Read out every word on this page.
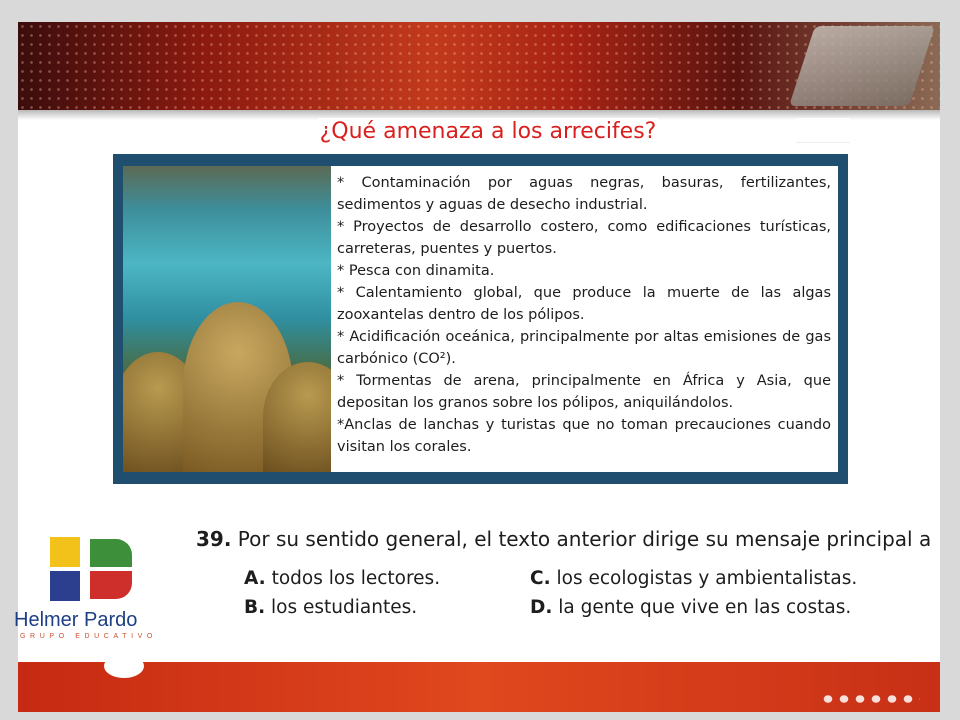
¿Qué amenaza a los arrecifes?

* Contaminación por aguas negras, basuras, fertilizantes, sedimentos y aguas de desecho industrial.

* Proyectos de desarrollo costero, como edificaciones turísticas, carreteras, puentes y puertos.

* Pesca con dinamita.

* Calentamiento global, que produce la muerte de las algas zooxantelas dentro de los pólipos.

* Acidificación oceánica, principalmente por altas emisiones de gas carbónico (CO²).

* Tormentas de arena, principalmente en África y Asia, que depositan los granos sobre los pólipos, aniquilándolos.

*Anclas de lanchas y turistas que no toman precauciones cuando visitan los corales.

39. Por su sentido general, el texto anterior dirige su mensaje principal a
A. todos los lectores.
B. los estudiantes.
C. los ecologistas y ambientalistas.
D. la gente que vive en las costas.
Helmer Pardo
GRUPO EDUCATIVO
